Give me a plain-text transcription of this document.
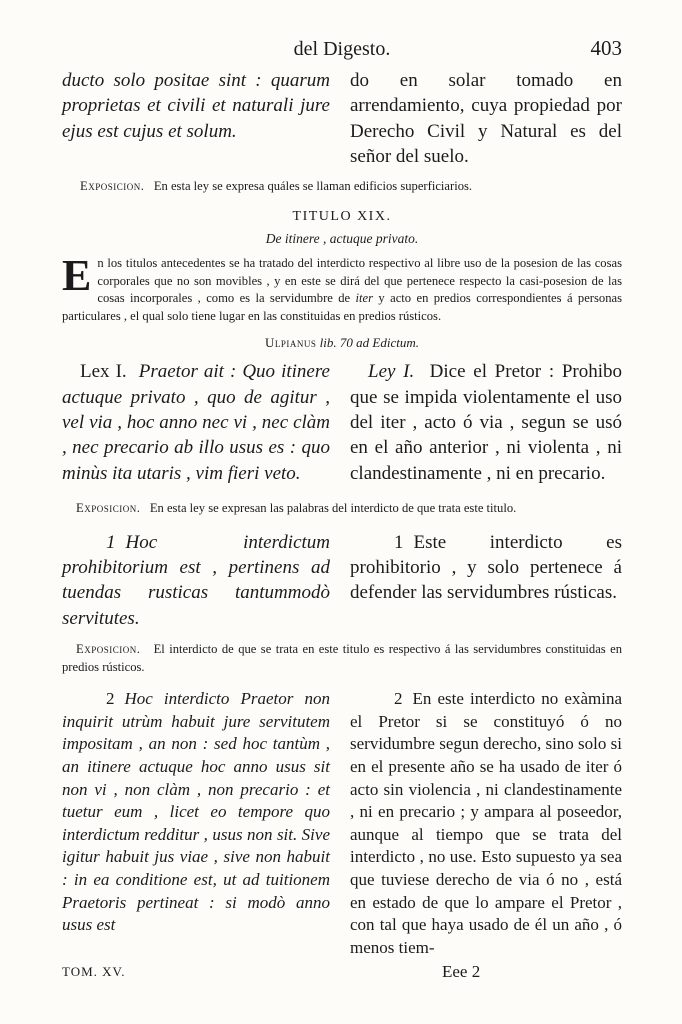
del Digesto.	403

ducto solo positae sint : quarum proprietas et civili et naturali jure ejus est cujus et solum.

do en solar tomado en arrendamiento, cuya propiedad por Derecho Civil y Natural es del señor del suelo.

Exposicion. En esta ley se expresa quáles se llaman edificios superficiarios.

TITULO XIX.
De itinere , actuque privato.
E n los titulos antecedentes se ha tratado del interdicto respectivo al libre uso de la posesion de las cosas corporales que no son movibles , y en este se dirá del que pertenece respecto la casi-posesion de las cosas incorporales , como es la servidumbre de iter y acto en predios correspondientes á personas particulares , el qual solo tiene lugar en las constituidas en predios rústicos.
Ulpianus lib. 70 ad Edictum.

Lex I. Praetor ait : Quo itinere actuque privato , quo de agitur , vel via , hoc anno nec vi , nec clàm , nec precario ab illo usus es : quo minùs ita utaris , vim fieri veto.

Ley I. Dice el Pretor : Prohibo que se impida violentamente el uso del iter , acto ó via , segun se usó en el año anterior , ni violenta , ni clandestinamente , ni en precario.

Exposicion. En esta ley se expresan las palabras del interdicto de que trata este titulo.

1 Hoc interdictum prohibitorium est , pertinens ad tuendas rusticas tantummodò servitutes.

1 Este interdicto es prohibitorio , y solo pertenece á defender las servidumbres rústicas.

Exposicion. El interdicto de que se trata en este titulo es respectivo á las servidumbres constituidas en predios rústicos.

2 Hoc interdicto Praetor non inquirit utrùm habuit jure servitutem impositam , an non : sed hoc tantùm , an itinere actuque hoc anno usus sit non vi , non clàm , non precario : et tuetur eum , licet eo tempore quo interdictum redditur , usus non sit. Sive igitur habuit jus viae , sive non habuit : in ea conditione est, ut ad tuitionem Praetoris pertineat : si modò anno usus est

2 En este interdicto no exàmina el Pretor si se constituyó ó no servidumbre segun derecho, sino solo si en el presente año se ha usado de iter ó acto sin violencia , ni clandestinamente , ni en precario ; y ampara al poseedor, aunque al tiempo que se trata del interdicto , no use. Esto supuesto ya sea que tuviese derecho de via ó no , está en estado de que lo ampare el Pretor , con tal que haya usado de él un año , ó menos tiem-

TOM. XV.	Eee 2
